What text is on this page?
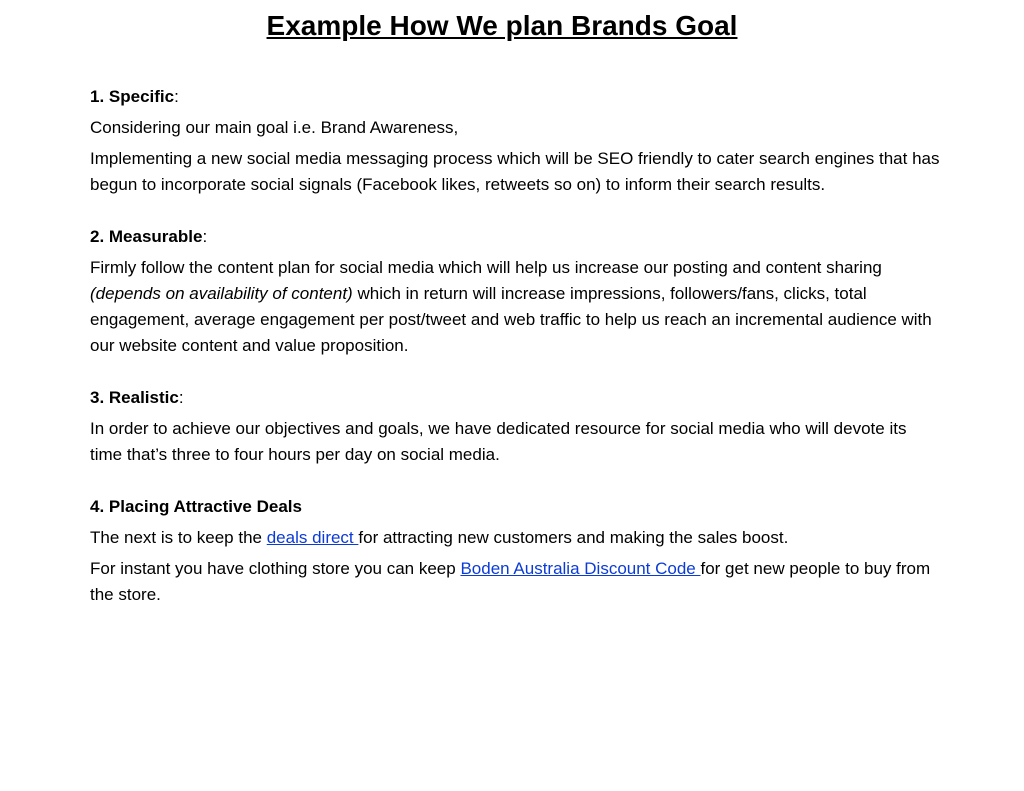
Example How We plan Brands Goal
1. Specific:
Considering our main goal i.e. Brand Awareness,
Implementing a new social media messaging process which will be SEO friendly to cater search engines that has begun to incorporate social signals (Facebook likes, retweets so on) to inform their search results.
2. Measurable:
Firmly follow the content plan for social media which will help us increase our posting and content sharing (depends on availability of content) which in return will increase impressions, followers/fans, clicks, total engagement, average engagement per post/tweet and web traffic to help us reach an incremental audience with our website content and value proposition.
3. Realistic:
In order to achieve our objectives and goals, we have dedicated resource for social media who will devote its time that’s three to four hours per day on social media.
4. Placing Attractive Deals
The next is to keep the deals direct for attracting new customers and making the sales boost.
For instant you have clothing store you can keep Boden Australia Discount Code for get new people to buy from the store.
